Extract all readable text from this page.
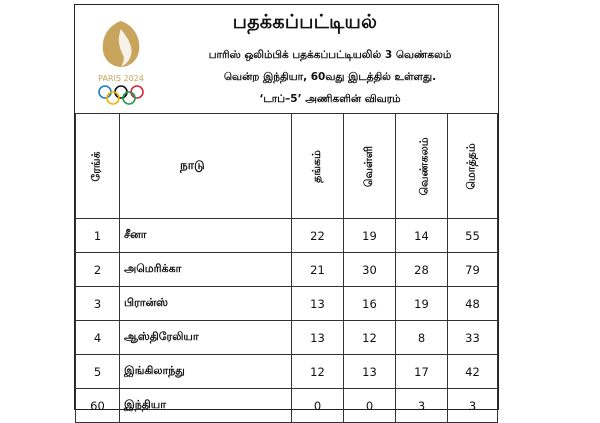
PARIS 2024
பதக்கப்பட்டியல்
பாரிஸ் ஒலிம்பிக் பதக்கப்பட்டியலில் 3 வெண்கலம்
வென்ற இந்தியா, 60வது இடத்தில் உள்ளது.
‘டாப்–5’ அணிகளின் விவரம்
ரேங்க்	நாடு	தங்கம்	வெள்ளி	வெண்கலம்	மொத்தம்
1	சீனா	22	19	14	55
2	அமெரிக்கா	21	30	28	79
3	பிரான்ஸ்	13	16	19	48
4	ஆஸ்திரேலியா	13	12	8	33
5	இங்கிலாந்து	12	13	17	42
60	இந்தியா	0	0	3	3
